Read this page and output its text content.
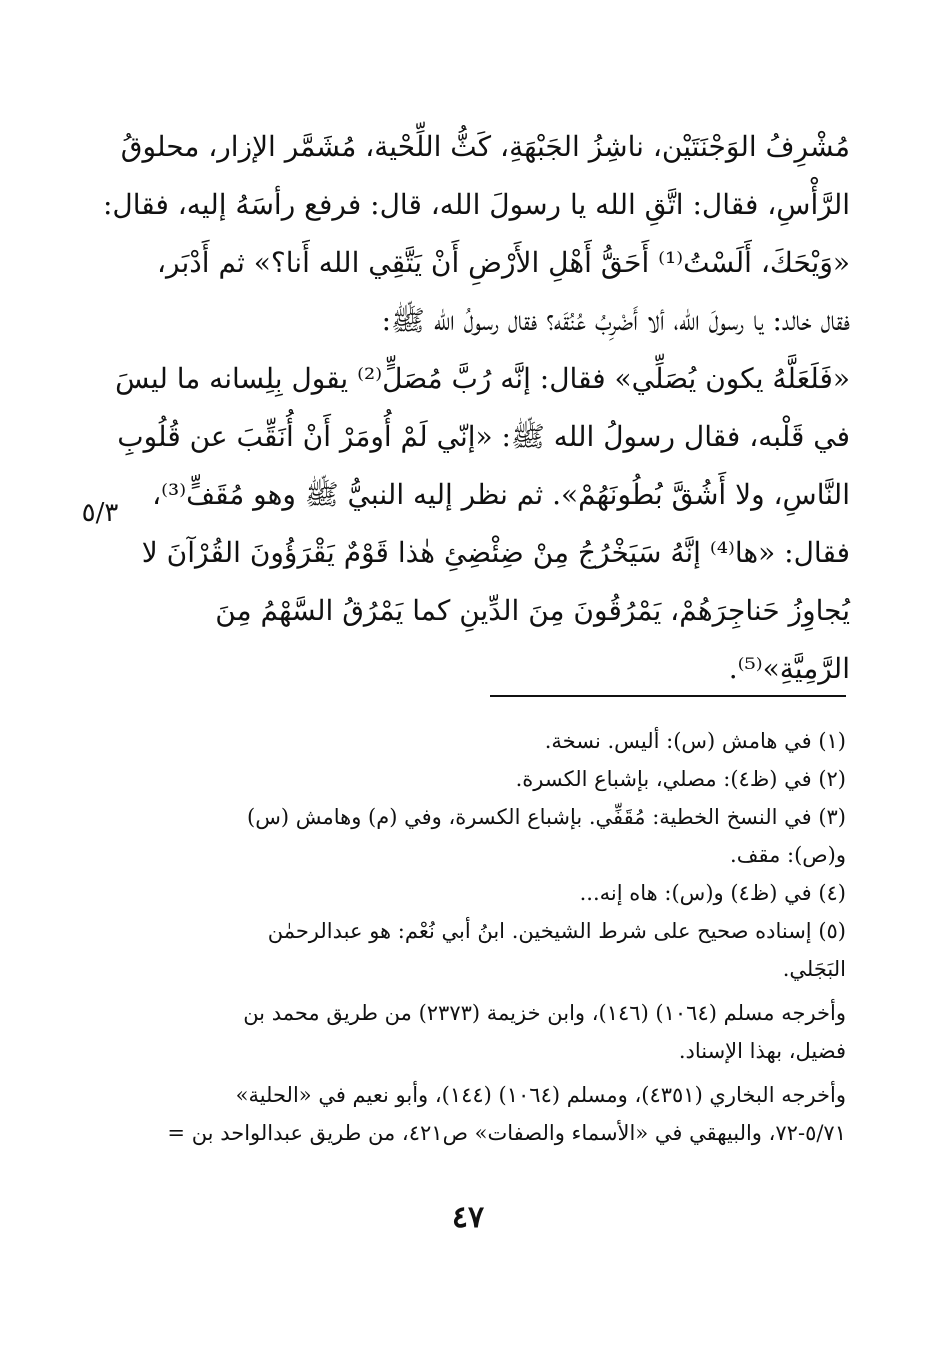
مُشْرِفُ الوَجْنَتَيْن، ناشِزُ الجَبْهَةِ، كَثُّ اللِّحْية، مُشَمَّر الإزار، محلوقُ
الرَّأْسِ، فقال: اتَّقِ الله يا رسولَ الله، قال: فرفع رأسَهُ إليه، فقال:
«وَيْحَكَ، أَلَسْتُ⁽¹⁾ أَحَقُّ أَهْلِ الأَرْضِ أَنْ يَتَّقِي الله أَنا؟» ثم أَدْبَر،
فقال خالد: يا رسولَ الله، ألا أَضْرِبُ عُنُقَه؟ فقال رسولُ الله ﷺ:
«فَلَعَلَّهُ يكون يُصَلِّي» فقال: إنَّه رُبَّ مُصَلٍّ⁽²⁾ يقول بِلِسانه ما ليسَ
في قَلْبه، فقال رسولُ الله ﷺ: «إنّي لَمْ أُومَرْ أَنْ أُنَقِّبَ عن قُلُوبِ
النَّاسِ، ولا أَشُقَّ بُطُونَهُمْ». ثم نظر إليه النبيُّ ﷺ وهو مُقَفٍّ⁽³⁾،
فقال: «ها⁽⁴⁾ إنَّهُ سَيَخْرُجُ مِنْ ضِئْضِئِ هٰذا قَوْمٌ يَقْرَؤُونَ القُرْآنَ لا
يُجاوِزُ حَناجِرَهُمْ، يَمْرُقُونَ مِنَ الدِّينِ كما يَمْرُقُ السَّهْمُ مِنَ
الرَّمِيَّةِ»⁽⁵⁾.
٥/٣
(١) في هامش (س): أليس. نسخة.
(٢) في (ظ٤): مصلي، بإشباع الكسرة.
(٣) في النسخ الخطية: مُقَفِّي. بإشباع الكسرة، وفي (م) وهامش (س)
و(ص): مقف.
(٤) في (ظ٤) و(س): هاه إنه...
(٥) إسناده صحيح على شرط الشيخين. ابنُ أبي نُعْم: هو عبدالرحمٰن
البَجَلي.
وأخرجه مسلم (١٠٦٤) (١٤٦)، وابن خزيمة (٢٣٧٣) من طريق محمد بن
فضيل، بهذا الإسناد.
وأخرجه البخاري (٤٣٥١)، ومسلم (١٠٦٤) (١٤٤)، وأبو نعيم في «الحلية»
٥/٧١-٧٢، والبيهقي في «الأسماء والصفات» ص٤٢١، من طريق عبدالواحد بن =
٤٧
